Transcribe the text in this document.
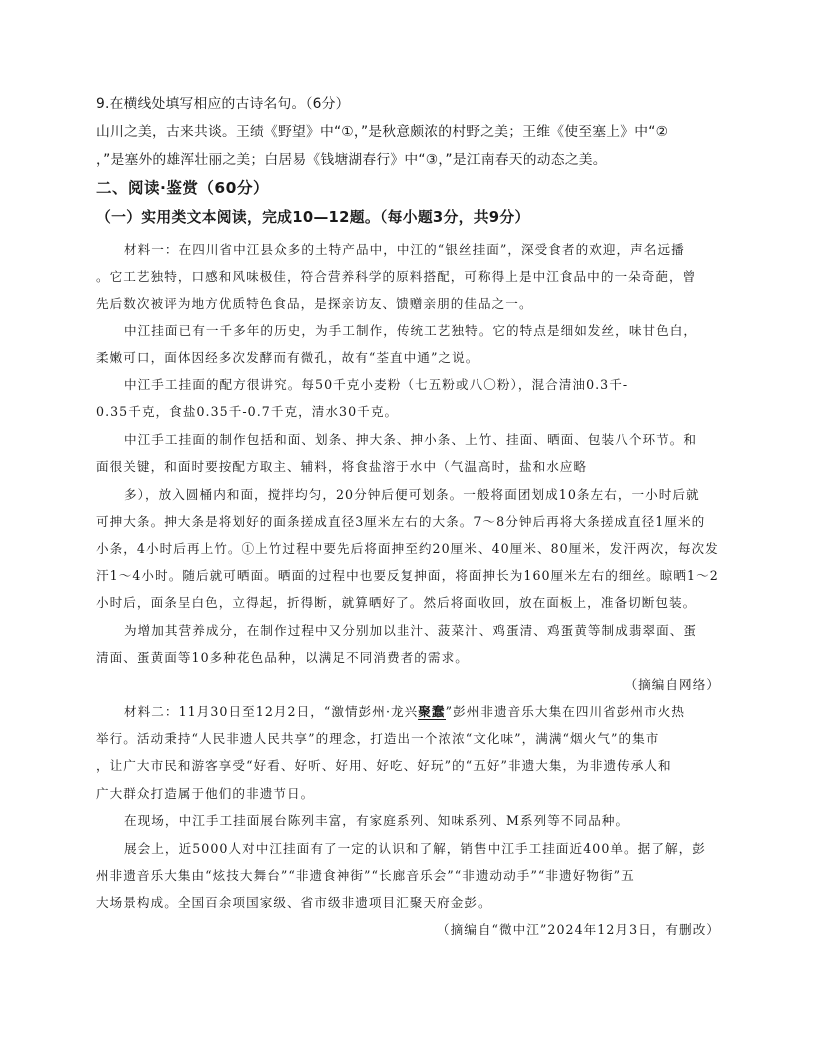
9.在横线处填写相应的古诗名句。（6分）
山川之美，古来共谈。王绩《野望》中“①，”是秋意颇浓的村野之美；王维《使至塞上》中“②
，”是塞外的雄浑壮丽之美；白居易《钱塘湖春行》中“③，”是江南春天的动态之美。
二、阅读·鉴赏（60分）
（一）实用类文本阅读，完成10—12题。（每小题3分，共9分）
材料一：在四川省中江县众多的土特产品中，中江的“银丝挂面”，深受食者的欢迎，声名远播
。它工艺独特，口感和风味极佳，符合营养科学的原料搭配，可称得上是中江食品中的一朵奇葩，曾
先后数次被评为地方优质特色食品，是探亲访友、馈赠亲朋的佳品之一。
中江挂面已有一千多年的历史，为手工制作，传统工艺独特。它的特点是细如发丝，味甘色白，
柔嫩可口，面体因经多次发酵而有微孔，故有“荃直中通”之说。
中江手工挂面的配方很讲究。每50千克小麦粉（七五粉或八〇粉），混合清油0.3千-
0.35千克，食盐0.35千-0.7千克，清水30千克。
中江手工挂面的制作包括和面、划条、抻大条、抻小条、上竹、挂面、晒面、包装八个环节。和
面很关键，和面时要按配方取主、辅料，将食盐溶于水中（气温高时，盐和水应略
多），放入圆桶内和面，搅拌均匀，20分钟后便可划条。一般将面团划成10条左右，一小时后就
可抻大条。抻大条是将划好的面条搓成直径3厘米左右的大条。7～8分钟后再将大条搓成直径1厘米的
小条，4小时后再上竹。①上竹过程中要先后将面抻至约20厘米、40厘米、80厘米，发汗两次，每次发
汗1～4小时。随后就可晒面。晒面的过程中也要反复抻面，将面抻长为160厘米左右的细丝。晾晒1～2
小时后，面条呈白色，立得起，折得断，就算晒好了。然后将面收回，放在面板上，准备切断包装。
为增加其营养成分，在制作过程中又分别加以韭汁、菠菜汁、鸡蛋清、鸡蛋黄等制成翡翠面、蛋
清面、蛋黄面等10多种花色品种，以满足不同消费者的需求。
（摘编自网络）
材料二：11月30日至12月2日，“激情彭州·龙兴聚蠢”彭州非遗音乐大集在四川省彭州市火热
举行。活动秉持“人民非遗人民共享”的理念，打造出一个浓浓“文化味”，满满“烟火气”的集市
，让广大市民和游客享受“好看、好听、好用、好吃、好玩”的“五好”非遗大集，为非遗传承人和
广大群众打造属于他们的非遗节日。
在现场，中江手工挂面展台陈列丰富，有家庭系列、知味系列、M系列等不同品种。
展会上，近5000人对中江挂面有了一定的认识和了解，销售中江手工挂面近400单。据了解，彭
州非遗音乐大集由“炫技大舞台”“非遗食神街”“长廊音乐会”“非遗动动手”“非遗好物街”五
大场景构成。全国百余项国家级、省市级非遗项目汇聚天府金彭。
（摘编自“微中江”2024年12月3日，有删改）
